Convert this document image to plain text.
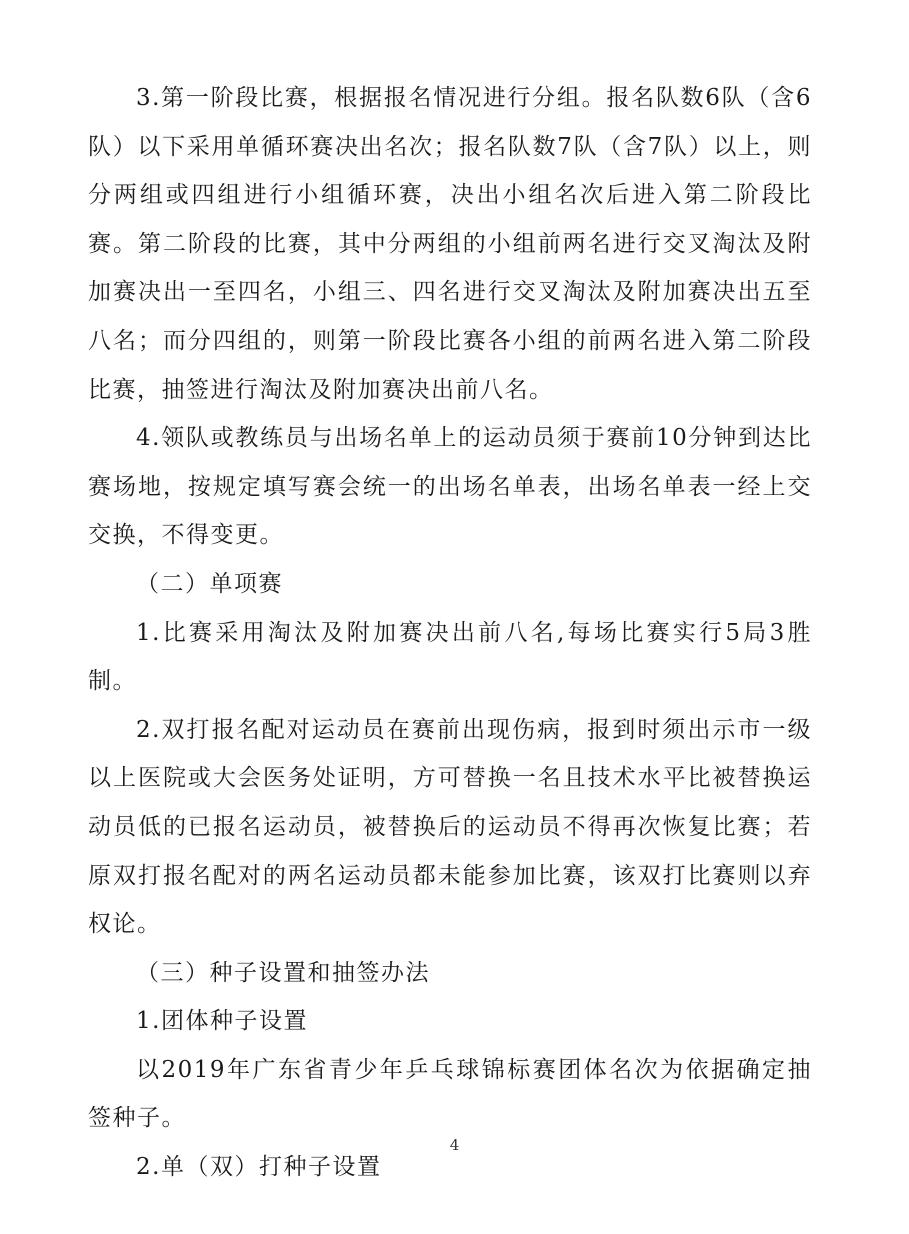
3.第一阶段比赛，根据报名情况进行分组。报名队数6队（含6队）以下采用单循环赛决出名次；报名队数7队（含7队）以上，则分两组或四组进行小组循环赛，决出小组名次后进入第二阶段比赛。第二阶段的比赛，其中分两组的小组前两名进行交叉淘汰及附加赛决出一至四名，小组三、四名进行交叉淘汰及附加赛决出五至八名；而分四组的，则第一阶段比赛各小组的前两名进入第二阶段比赛，抽签进行淘汰及附加赛决出前八名。

4.领队或教练员与出场名单上的运动员须于赛前10分钟到达比赛场地，按规定填写赛会统一的出场名单表，出场名单表一经上交交换，不得变更。

（二）单项赛

1.比赛采用淘汰及附加赛决出前八名,每场比赛实行5局3胜制。

2.双打报名配对运动员在赛前出现伤病，报到时须出示市一级以上医院或大会医务处证明，方可替换一名且技术水平比被替换运动员低的已报名运动员，被替换后的运动员不得再次恢复比赛；若原双打报名配对的两名运动员都未能参加比赛，该双打比赛则以弃权论。

（三）种子设置和抽签办法

1.团体种子设置

以2019年广东省青少年乒乓球锦标赛团体名次为依据确定抽签种子。

2.单（双）打种子设置

4
